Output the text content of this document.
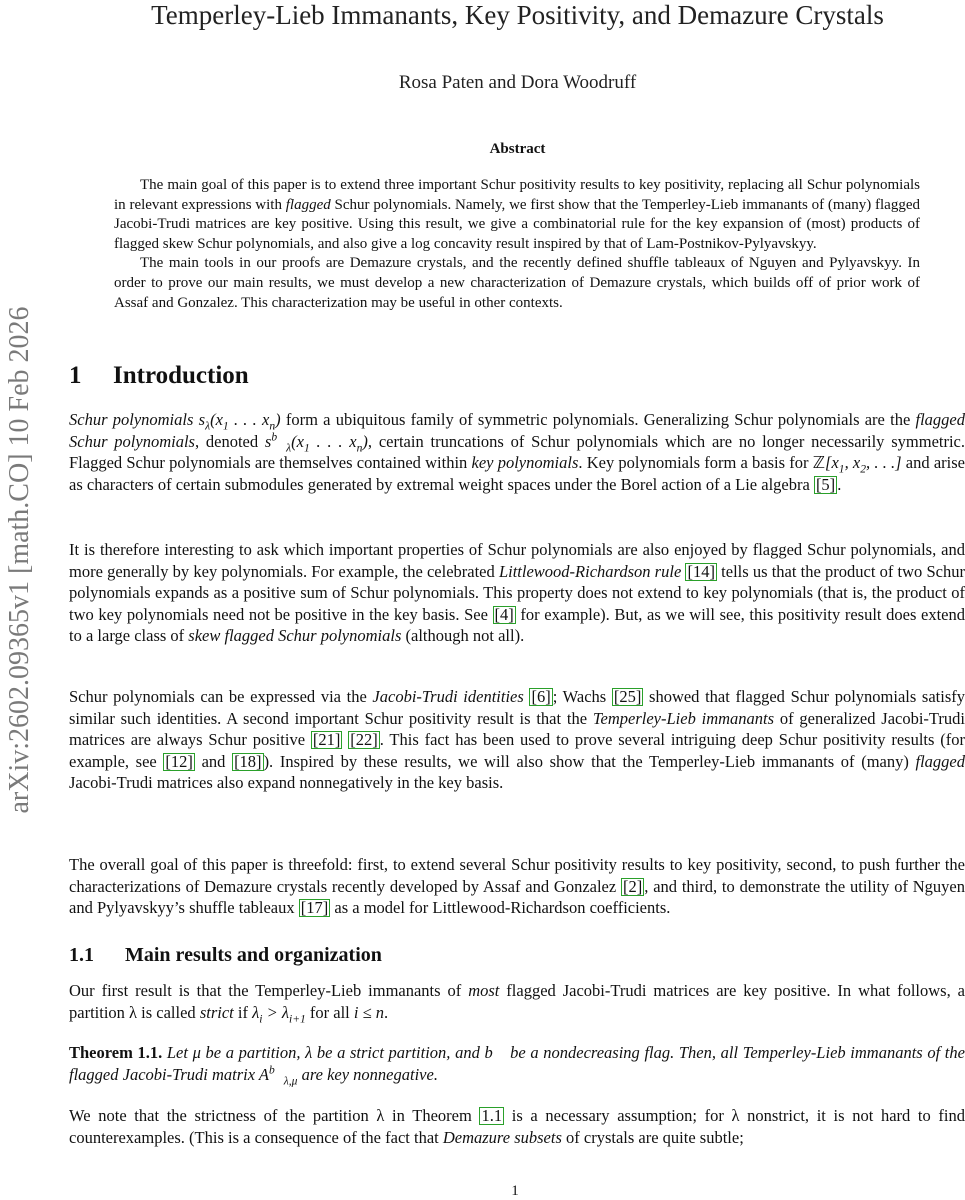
arXiv:2602.09365v1 [math.CO] 10 Feb 2026
Temperley-Lieb Immanants, Key Positivity, and Demazure Crystals
Rosa Paten and Dora Woodruff
Abstract

The main goal of this paper is to extend three important Schur positivity results to key positivity, replacing all Schur polynomials in relevant expressions with flagged Schur polynomials. Namely, we first show that the Temperley-Lieb immanants of (many) flagged Jacobi-Trudi matrices are key positive. Using this result, we give a combinatorial rule for the key expansion of (most) products of flagged skew Schur polynomials, and also give a log concavity result inspired by that of Lam-Postnikov-Pylyavskyy.

The main tools in our proofs are Demazure crystals, and the recently defined shuffle tableaux of Nguyen and Pylyavskyy. In order to prove our main results, we must develop a new characterization of Demazure crystals, which builds off of prior work of Assaf and Gonzalez. This characterization may be useful in other contexts.

1 Introduction

Schur polynomials $s_\lambda(x_1$ . . . $x_n$) form a ubiquitous family of symmetric polynomials. Generalizing Schur polynomials are the flagged Schur polynomials, denoted $s^{b⃗}_\lambda(x_1$ . . . $x_n$), certain truncations of Schur polynomials which are no longer necessarily symmetric. Flagged Schur polynomials are themselves contained within key polynomials. Key polynomials form a basis for $ℤ[x_1$, $x_2$, . . .] and arise as characters of certain submodules generated by extremal weight spaces under the Borel action of a Lie algebra [5] .

It is therefore interesting to ask which important properties of Schur polynomials are also enjoyed by flagged Schur polynomials, and more generally by key polynomials. For example, the celebrated Littlewood-Richardson rule [14] tells us that the product of two Schur polynomials expands as a positive sum of Schur polynomials. This property does not extend to key polynomials (that is, the product of two key polynomials need not be positive in the key basis. See [4] for example). But, as we will see, this positivity result does extend to a large class of skew flagged Schur polynomials (although not all).

Schur polynomials can be expressed via the Jacobi-Trudi identities [6] ; Wachs [25] showed that flagged Schur polynomials satisfy similar such identities. A second important Schur positivity result is that the Temperley-Lieb immanants of generalized Jacobi-Trudi matrices are always Schur positive [21] [22] . This fact has been used to prove several intriguing deep Schur positivity results (for example, see [12] and [18] ). Inspired by these results, we will also show that the Temperley-Lieb immanants of (many) flagged Jacobi-Trudi matrices also expand nonnegatively in the key basis.

The overall goal of this paper is threefold: first, to extend several Schur positivity results to key positivity, second, to push further the characterizations of Demazure crystals recently developed by Assaf and Gonzalez [2] , and third, to demonstrate the utility of Nguyen and Pylyavskyy’s shuffle tableaux [17] as a model for Littlewood-Richardson coefficients.

1.1 Main results and organization

Our first result is that the Temperley-Lieb immanants of most flagged Jacobi-Trudi matrices are key positive. In what follows, a partition λ is called strict if $\lambda_i > \lambda_{i+1}$ for all i ≤ n.

Theorem 1.1. Let μ be a partition, λ be a strict partition, and b⃗ be a nondecreasing flag. Then, all Temperley-Lieb immanants of the flagged Jacobi-Trudi matrix $A^{b⃗}_{\lambda,\mu}$ are key nonnegative.

We note that the strictness of the partition λ in Theorem 1.1 is a necessary assumption; for λ nonstrict, it is not hard to find counterexamples. (This is a consequence of the fact that Demazure subsets of crystals are quite subtle;

1
